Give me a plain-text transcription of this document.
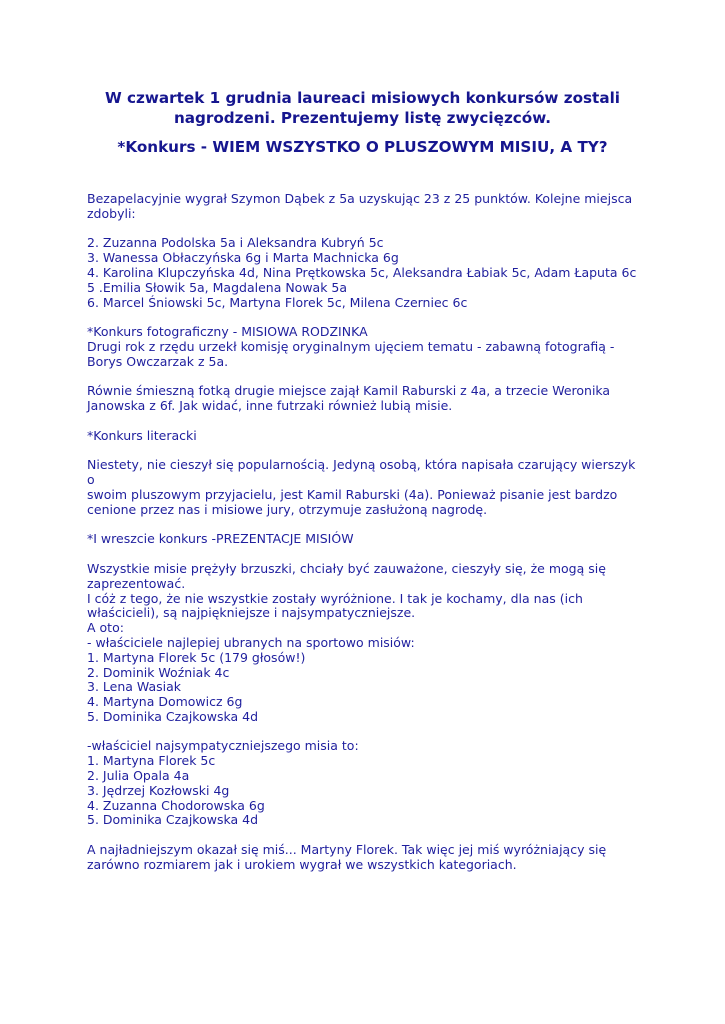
W czwartek 1 grudnia laureaci misiowych konkursów zostali
nagrodzeni. Prezentujemy listę zwycięzców.
*Konkurs - WIEM WSZYSTKO O PLUSZOWYM MISIU, A TY?

Bezapelacyjnie wygrał Szymon Dąbek z 5a uzyskując 23 z 25 punktów. Kolejne miejsca

zdobyli:

2. Zuzanna Podolska 5a i Aleksandra Kubryń 5c

3. Wanessa Obłaczyńska 6g i Marta Machnicka 6g

4. Karolina Klupczyńska 4d, Nina Prętkowska 5c, Aleksandra Łabiak 5c, Adam Łaputa 6c

5 .Emilia Słowik 5a, Magdalena Nowak 5a

6. Marcel Śniowski 5c, Martyna Florek 5c, Milena Czerniec 6c

*Konkurs fotograficzny - MISIOWA RODZINKA

Drugi rok z rzędu urzekł komisję oryginalnym ujęciem tematu - zabawną fotografią -

Borys Owczarzak z 5a.

Równie śmieszną fotką drugie miejsce zajął Kamil Raburski z 4a, a trzecie Weronika

Janowska z 6f. Jak widać, inne futrzaki również lubią misie.

*Konkurs literacki

Niestety, nie cieszył się popularnością. Jedyną osobą, która napisała czarujący wierszyk o

swoim pluszowym przyjacielu, jest Kamil Raburski (4a). Ponieważ pisanie jest bardzo

cenione przez nas i misiowe jury, otrzymuje zasłużoną nagrodę.

*I wreszcie konkurs -PREZENTACJE MISIÓW

Wszystkie misie prężyły brzuszki, chciały być zauważone, cieszyły się, że mogą się

zaprezentować.

I cóż z tego, że nie wszystkie zostały wyróżnione. I tak je kochamy, dla nas (ich

właścicieli), są najpiękniejsze i najsympatyczniejsze.

A oto:

- właściciele najlepiej ubranych na sportowo misiów:

1. Martyna Florek 5c (179 głosów!)

2. Dominik Woźniak 4c

3. Lena Wasiak

4. Martyna Domowicz 6g

5. Dominika Czajkowska 4d

-właściciel najsympatyczniejszego misia to:

1. Martyna Florek 5c

2. Julia Opala 4a

3. Jędrzej Kozłowski 4g

4. Zuzanna Chodorowska 6g

5. Dominika Czajkowska 4d

A najładniejszym okazał się miś... Martyny Florek. Tak więc jej miś wyróżniający się

zarówno rozmiarem jak i urokiem wygrał we wszystkich kategoriach.
